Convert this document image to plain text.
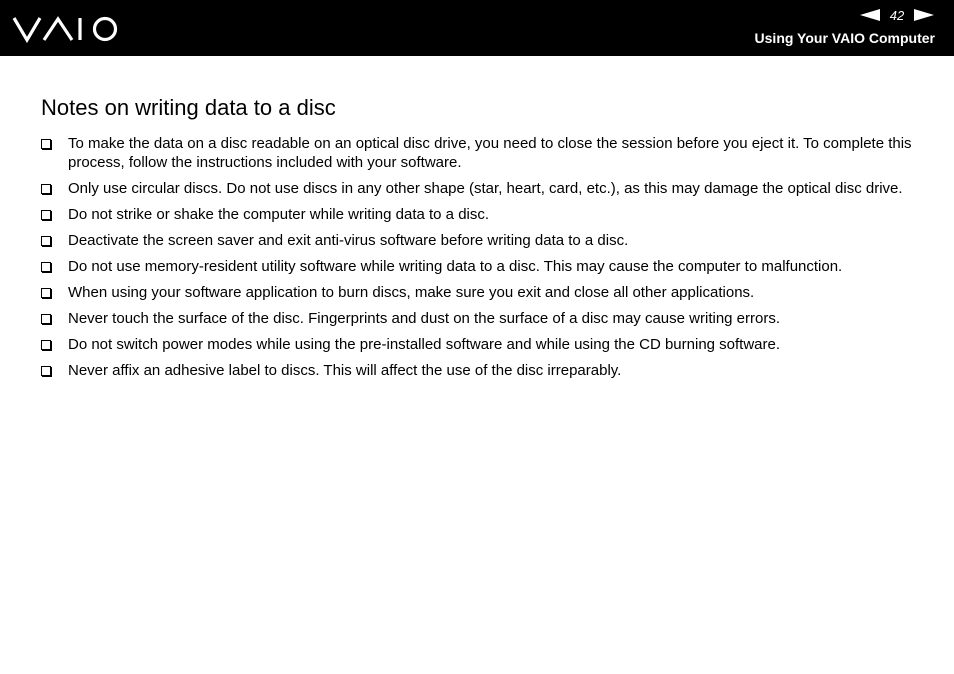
42
Using Your VAIO Computer
Notes on writing data to a disc
To make the data on a disc readable on an optical disc drive, you need to close the session before you eject it. To complete this process, follow the instructions included with your software.
Only use circular discs. Do not use discs in any other shape (star, heart, card, etc.), as this may damage the optical disc drive.
Do not strike or shake the computer while writing data to a disc.
Deactivate the screen saver and exit anti-virus software before writing data to a disc.
Do not use memory-resident utility software while writing data to a disc. This may cause the computer to malfunction.
When using your software application to burn discs, make sure you exit and close all other applications.
Never touch the surface of the disc. Fingerprints and dust on the surface of a disc may cause writing errors.
Do not switch power modes while using the pre-installed software and while using the CD burning software.
Never affix an adhesive label to discs. This will affect the use of the disc irreparably.
